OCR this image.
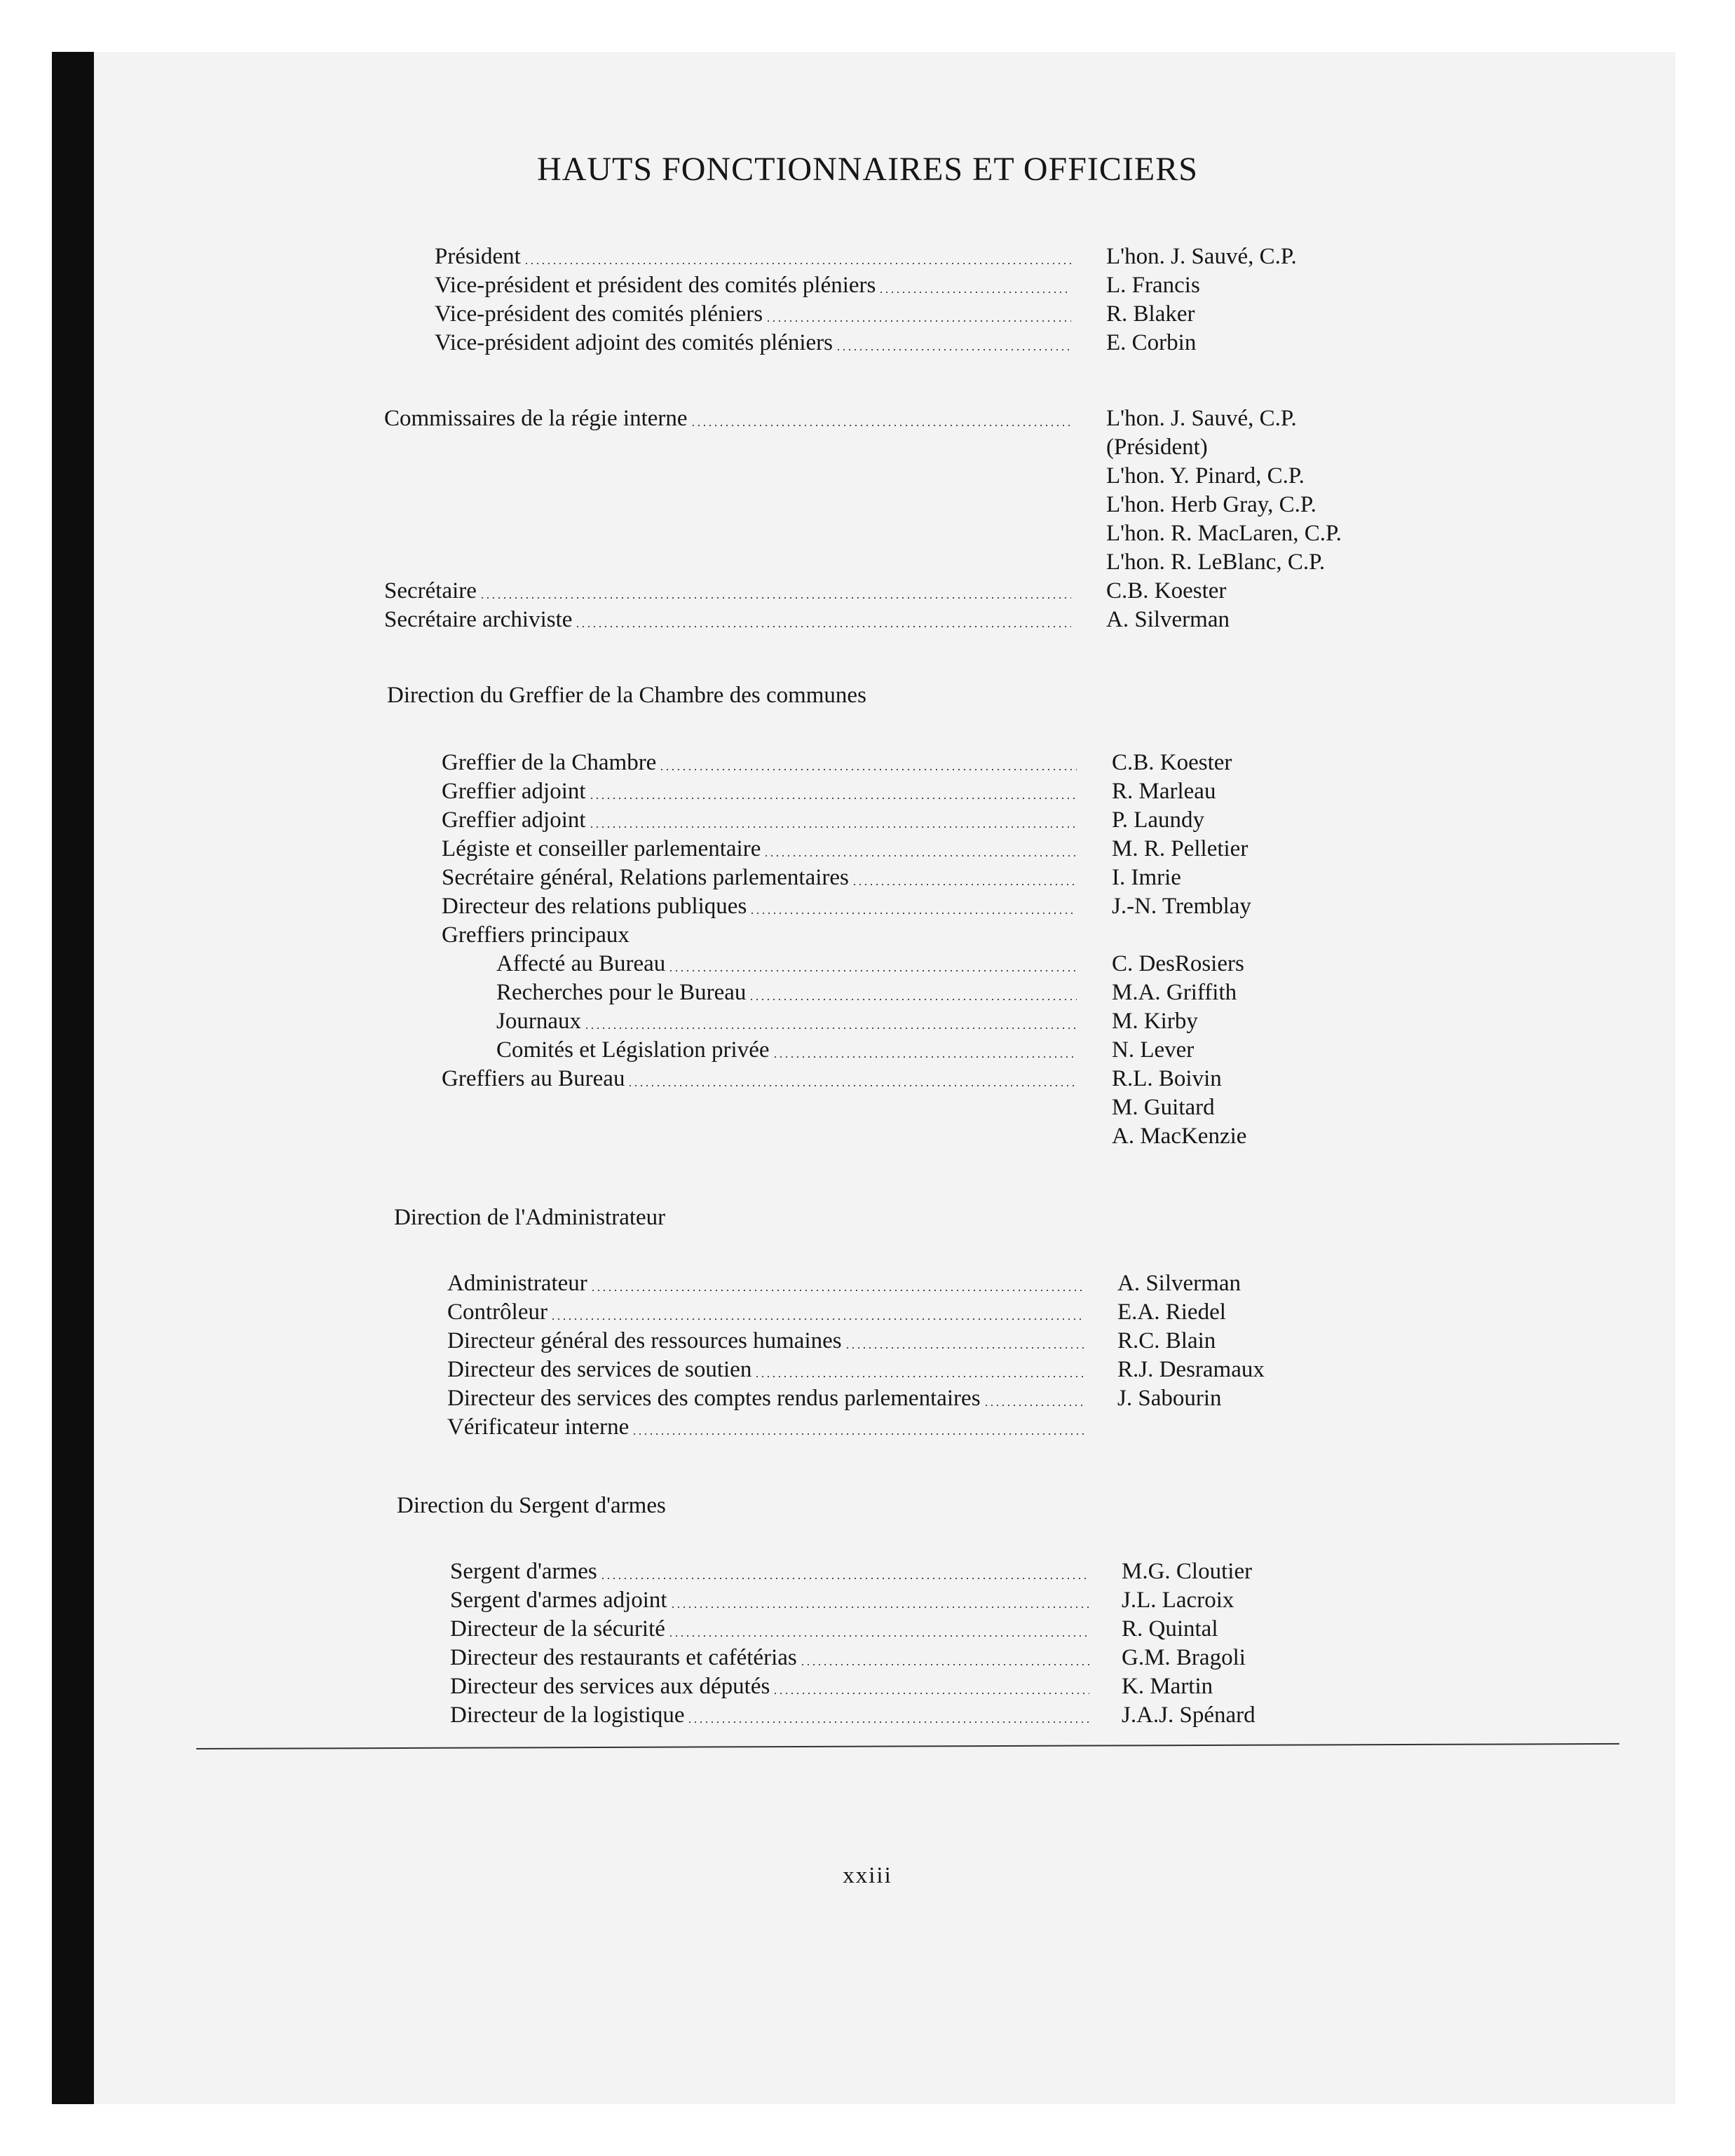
HAUTS FONCTIONNAIRES ET OFFICIERS
Président	L'hon. J. Sauvé, C.P.
Vice-président et président des comités pléniers	L. Francis
Vice-président des comités pléniers	R. Blaker
Vice-président adjoint des comités pléniers	E. Corbin
Commissaires de la régie interne	L'hon. J. Sauvé, C.P.
(Président)
L'hon. Y. Pinard, C.P.
L'hon. Herb Gray, C.P.
L'hon. R. MacLaren, C.P.
L'hon. R. LeBlanc, C.P.
Secrétaire	C.B. Koester
Secrétaire archiviste	A. Silverman
Direction du Greffier de la Chambre des communes
Greffier de la Chambre	C.B. Koester
Greffier adjoint	R. Marleau
Greffier adjoint	P. Laundy
Légiste et conseiller parlementaire	M. R. Pelletier
Secrétaire général, Relations parlementaires	I. Imrie
Directeur des relations publiques	J.-N. Tremblay
Greffiers principaux
Affecté au Bureau	C. DesRosiers
Recherches pour le Bureau	M.A. Griffith
Journaux	M. Kirby
Comités et Législation privée	N. Lever
Greffiers au Bureau	R.L. Boivin
M. Guitard
A. MacKenzie
Direction de l'Administrateur
Administrateur	A. Silverman
Contrôleur	E.A. Riedel
Directeur général des ressources humaines	R.C. Blain
Directeur des services de soutien	R.J. Desramaux
Directeur des services des comptes rendus parlementaires	J. Sabourin
Vérificateur interne
Direction du Sergent d'armes
Sergent d'armes	M.G. Cloutier
Sergent d'armes adjoint	J.L. Lacroix
Directeur de la sécurité	R. Quintal
Directeur des restaurants et cafétérias	G.M. Bragoli
Directeur des services aux députés	K. Martin
Directeur de la logistique	J.A.J. Spénard
xxiii
